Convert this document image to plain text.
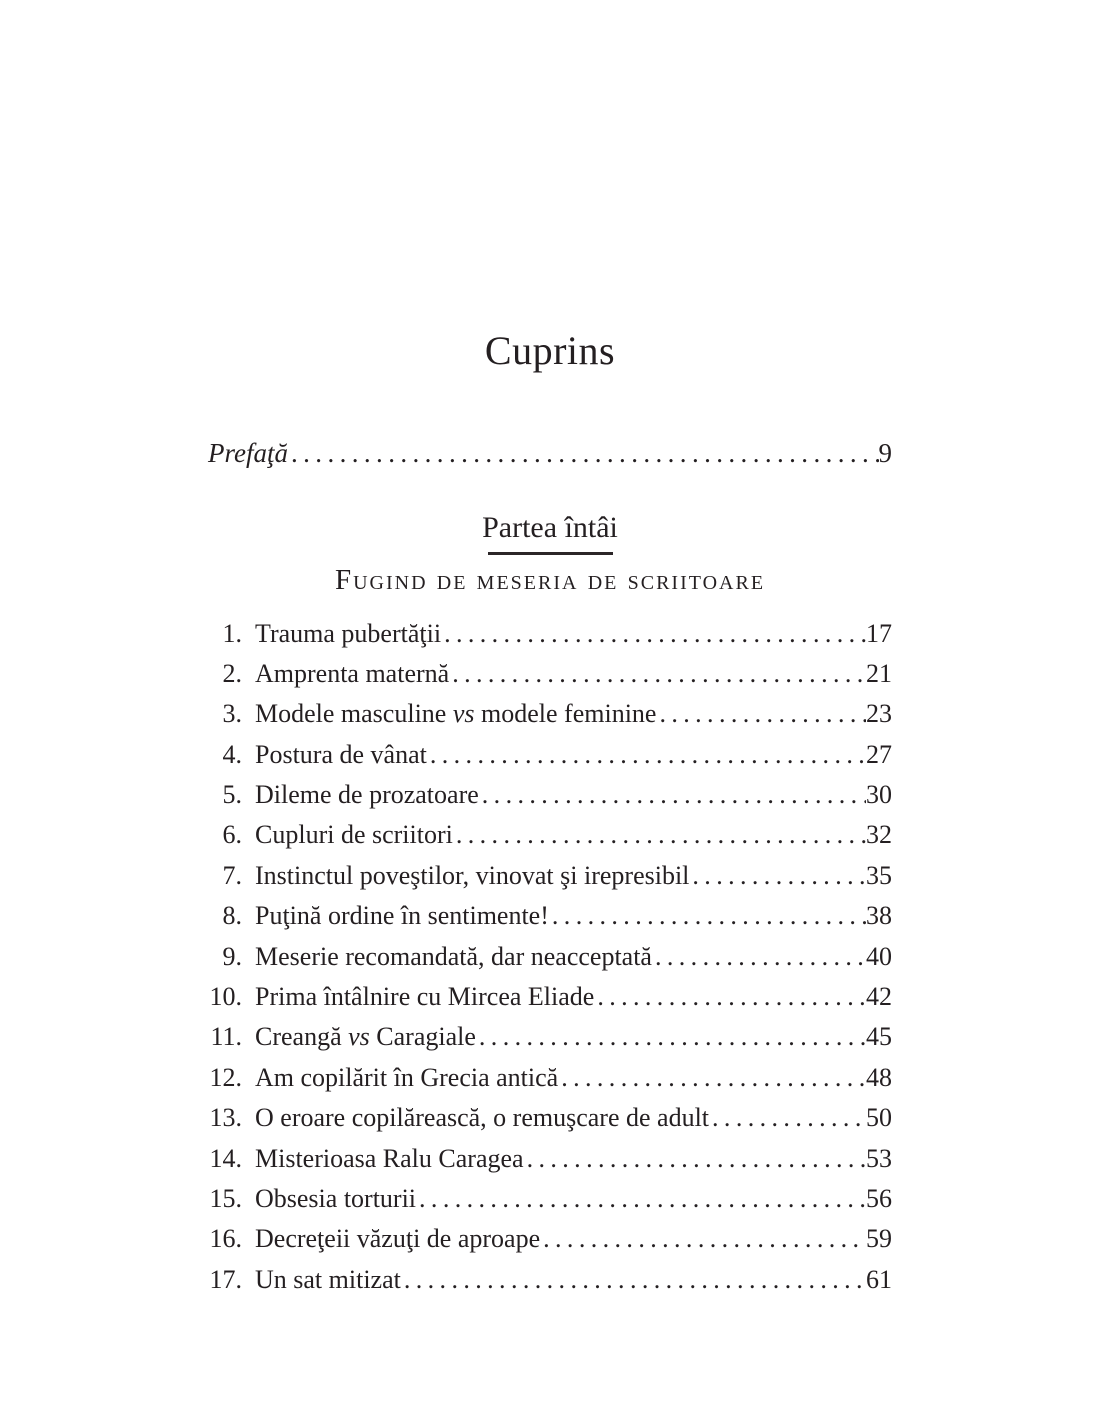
Cuprins
Prefaţă .....	9
Partea întâi
Fugind de meseria de scriitoare
1. Trauma pubertăţii .....	17
2. Amprenta maternă .....	21
3. Modele masculine vs modele feminine .....	23
4. Postura de vânat .....	27
5. Dileme de prozatoare .....	30
6. Cupluri de scriitori .....	32
7. Instinctul poveştilor, vinovat şi irepresibil .....	35
8. Puţină ordine în sentimente! .....	38
9. Meserie recomandată, dar neacceptată .....	40
10. Prima întâlnire cu Mircea Eliade .....	42
11. Creangă vs Caragiale .....	45
12. Am copilărit în Grecia antică .....	48
13. O eroare copilărească, o remuşcare de adult .....	50
14. Misterioasa Ralu Caragea .....	53
15. Obsesia torturii .....	56
16. Decreţeii văzuţi de aproape .....	59
17. Un sat mitizat .....	61
